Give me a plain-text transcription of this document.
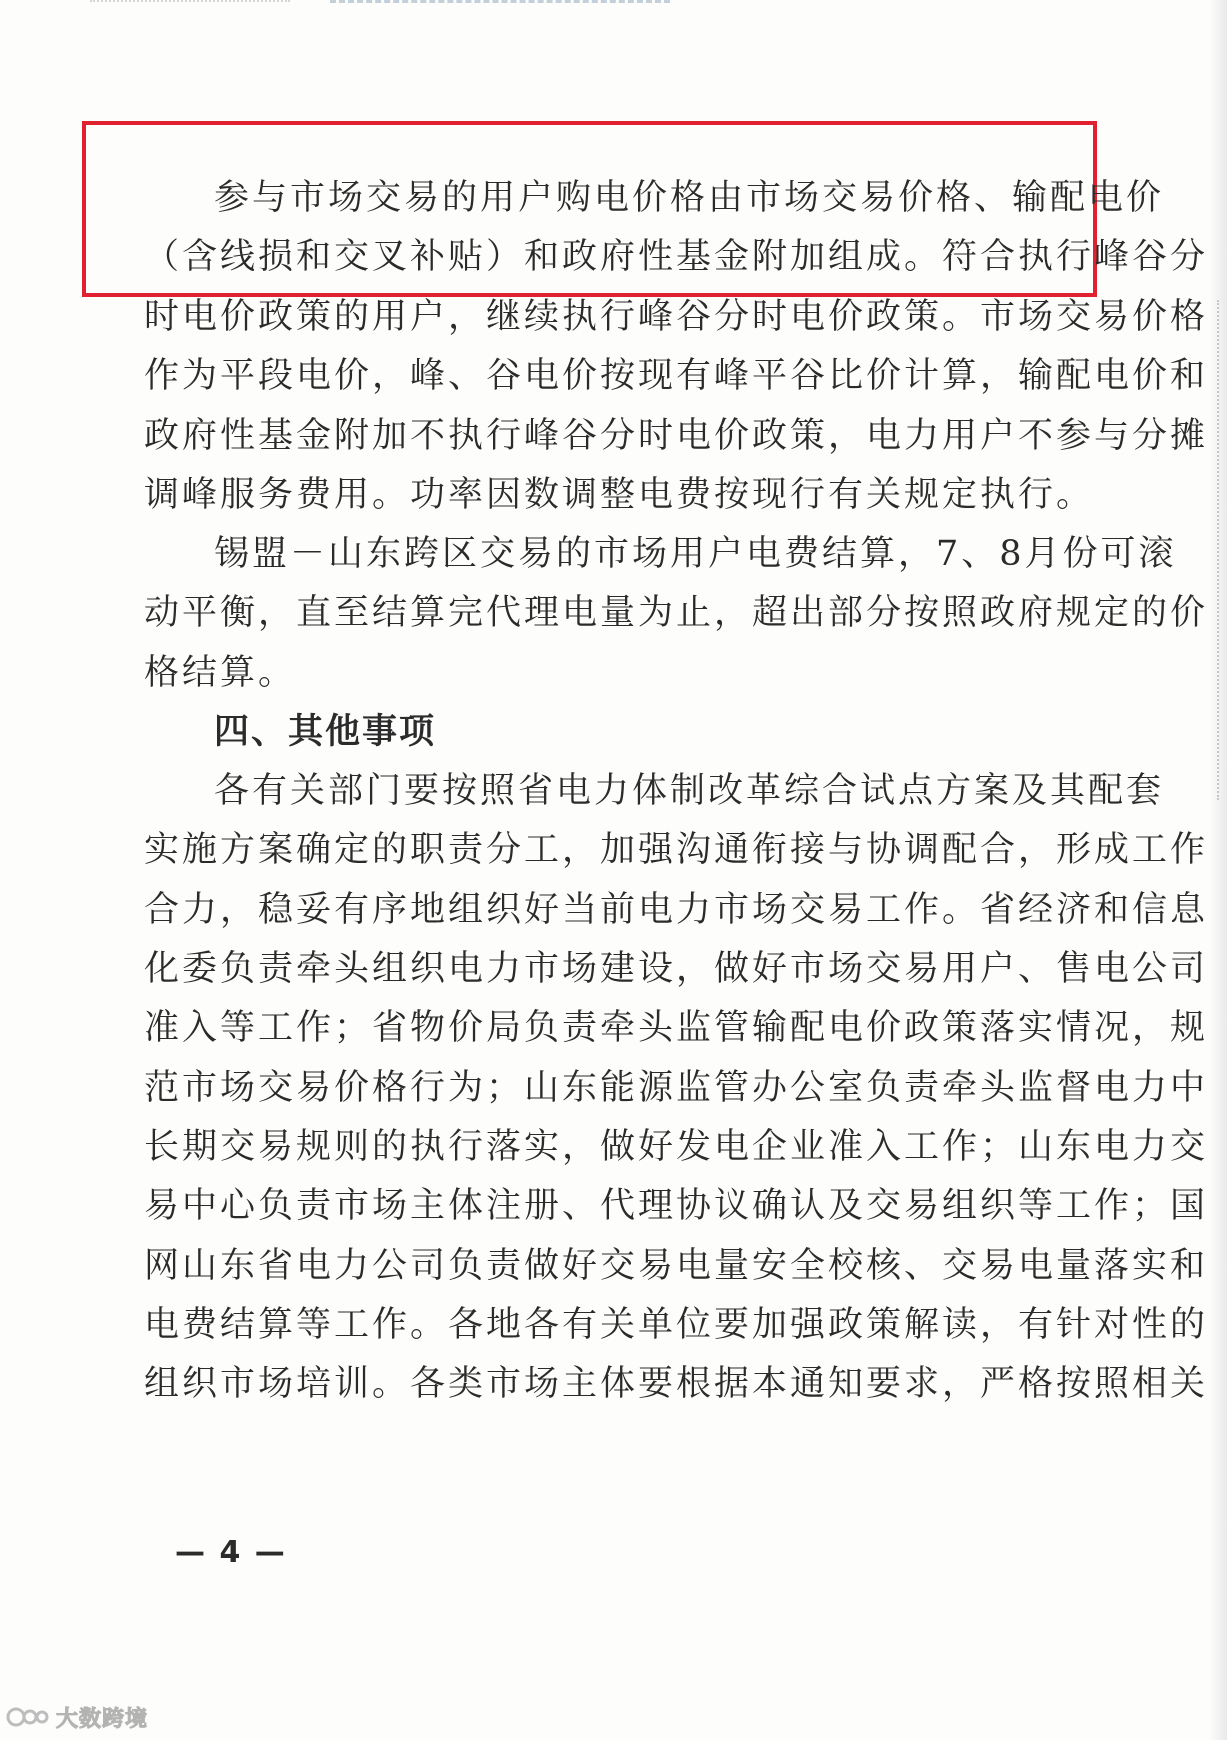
参与市场交易的用户购电价格由市场交易价格、输配电价
（含线损和交叉补贴）和政府性基金附加组成。符合执行峰谷分
时电价政策的用户，继续执行峰谷分时电价政策。市场交易价格
作为平段电价，峰、谷电价按现有峰平谷比价计算，输配电价和
政府性基金附加不执行峰谷分时电价政策，电力用户不参与分摊
调峰服务费用。功率因数调整电费按现行有关规定执行。
锡盟－山东跨区交易的市场用户电费结算，7、8月份可滚
动平衡，直至结算完代理电量为止，超出部分按照政府规定的价
格结算。
四、其他事项
各有关部门要按照省电力体制改革综合试点方案及其配套
实施方案确定的职责分工，加强沟通衔接与协调配合，形成工作
合力，稳妥有序地组织好当前电力市场交易工作。省经济和信息
化委负责牵头组织电力市场建设，做好市场交易用户、售电公司
准入等工作；省物价局负责牵头监管输配电价政策落实情况，规
范市场交易价格行为；山东能源监管办公室负责牵头监督电力中
长期交易规则的执行落实，做好发电企业准入工作；山东电力交
易中心负责市场主体注册、代理协议确认及交易组织等工作；国
网山东省电力公司负责做好交易电量安全校核、交易电量落实和
电费结算等工作。各地各有关单位要加强政策解读，有针对性的
组织市场培训。各类市场主体要根据本通知要求，严格按照相关
— 4 —
大数跨境
